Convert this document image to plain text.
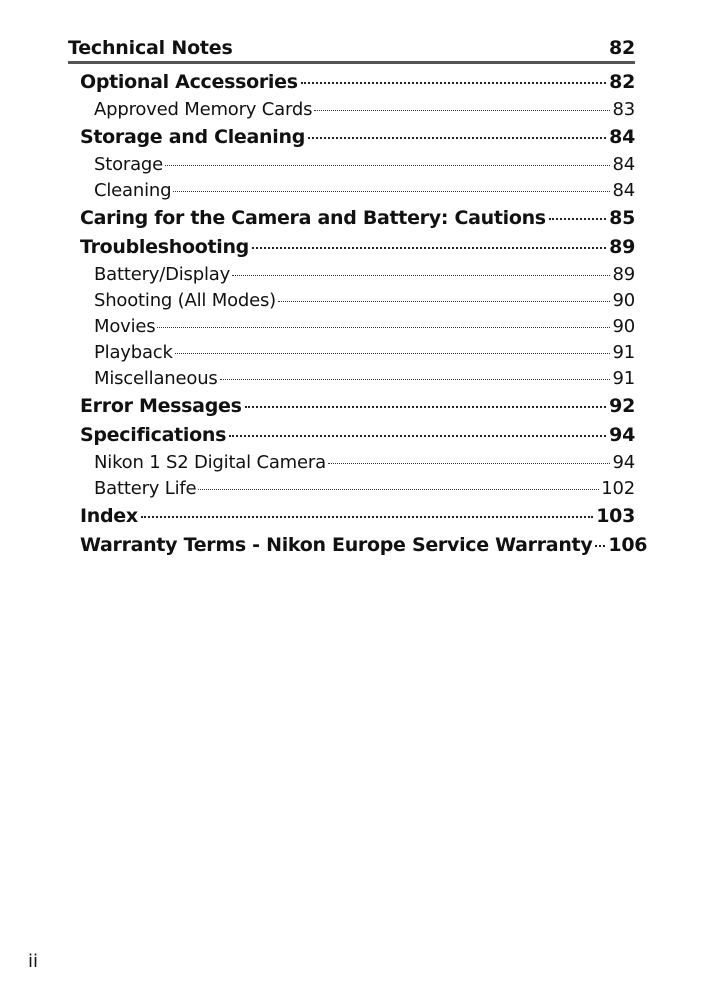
Technical Notes	82
Optional Accessories	82
Approved Memory Cards	83
Storage and Cleaning	84
Storage	84
Cleaning	84
Caring for the Camera and Battery: Cautions	85
Troubleshooting	89
Battery/Display	89
Shooting (All Modes)	90
Movies	90
Playback	91
Miscellaneous	91
Error Messages	92
Specifications	94
Nikon 1 S2 Digital Camera	94
Battery Life	102
Index	103
Warranty Terms - Nikon Europe Service Warranty 106
ii
